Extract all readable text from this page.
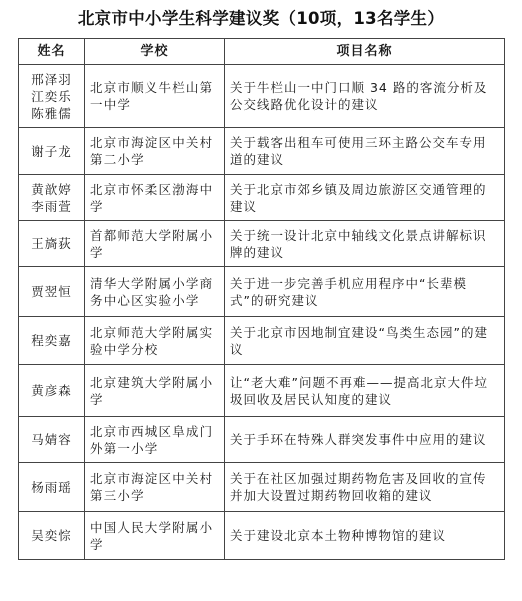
北京市中小学生科学建议奖（10项，13名学生）
姓名	学校	项目名称

邢泽羽
江奕乐
陈雅儒	北京市顺义牛栏山第一中学	关于牛栏山一中门口顺 34 路的客流分析及公交线路优化设计的建议

谢子龙	北京市海淀区中关村第二小学	关于载客出租车可使用三环主路公交车专用道的建议

黄歆婷
李雨萱	北京市怀柔区渤海中学	关于北京市郊乡镇及周边旅游区交通管理的建议

王旖荻	首都师范大学附属小学	关于统一设计北京中轴线文化景点讲解标识牌的建议

贾翌恒	清华大学附属小学商务中心区实验小学	关于进一步完善手机应用程序中“长辈模式”的研究建议

程奕嘉	北京师范大学附属实验中学分校	关于北京市因地制宜建设“鸟类生态园”的建议

黄彦森	北京建筑大学附属小学	让“老大难”问题不再难——提高北京大件垃圾回收及居民认知度的建议

马婧容	北京市西城区阜成门外第一小学	关于手环在特殊人群突发事件中应用的建议

杨雨瑶	北京市海淀区中关村第三小学	关于在社区加强过期药物危害及回收的宣传并加大设置过期药物回收箱的建议

吴奕悰	中国人民大学附属小学	关于建设北京本土物种博物馆的建议
